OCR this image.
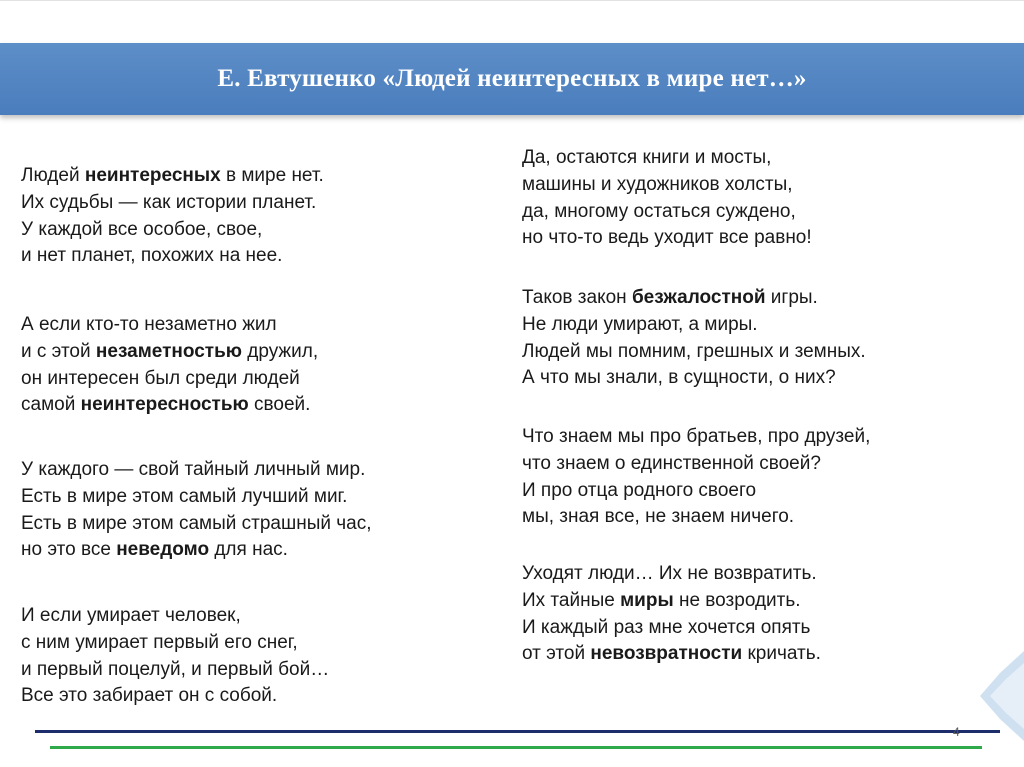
Е. Евтушенко «Людей неинтересных в мире нет…»
Людей неинтересных в мире нет.
Их судьбы — как истории планет.
У каждой все особое, свое,
и нет планет, похожих на нее.
А если кто-то незаметно жил
и с этой незаметностью дружил,
он интересен был среди людей
самой неинтересностью своей.
У каждого — свой тайный личный мир.
Есть в мире этом самый лучший миг.
Есть в мире этом самый страшный час,
но это все неведомо для нас.
И если умирает человек,
с ним умирает первый его снег,
и первый поцелуй, и первый бой…
Все это забирает он с собой.
Да, остаются книги и мосты,
машины и художников холсты,
да, многому остаться суждено,
но что-то ведь уходит все равно!
Таков закон безжалостной игры.
Не люди умирают, а миры.
Людей мы помним, грешных и земных.
А что мы знали, в сущности, о них?
Что знаем мы про братьев, про друзей,
что знаем о единственной своей?
И про отца родного своего
мы, зная все, не знаем ничего.
Уходят люди… Их не возвратить.
Их тайные миры не возродить.
И каждый раз мне хочется опять
от этой невозвратности кричать.
4
